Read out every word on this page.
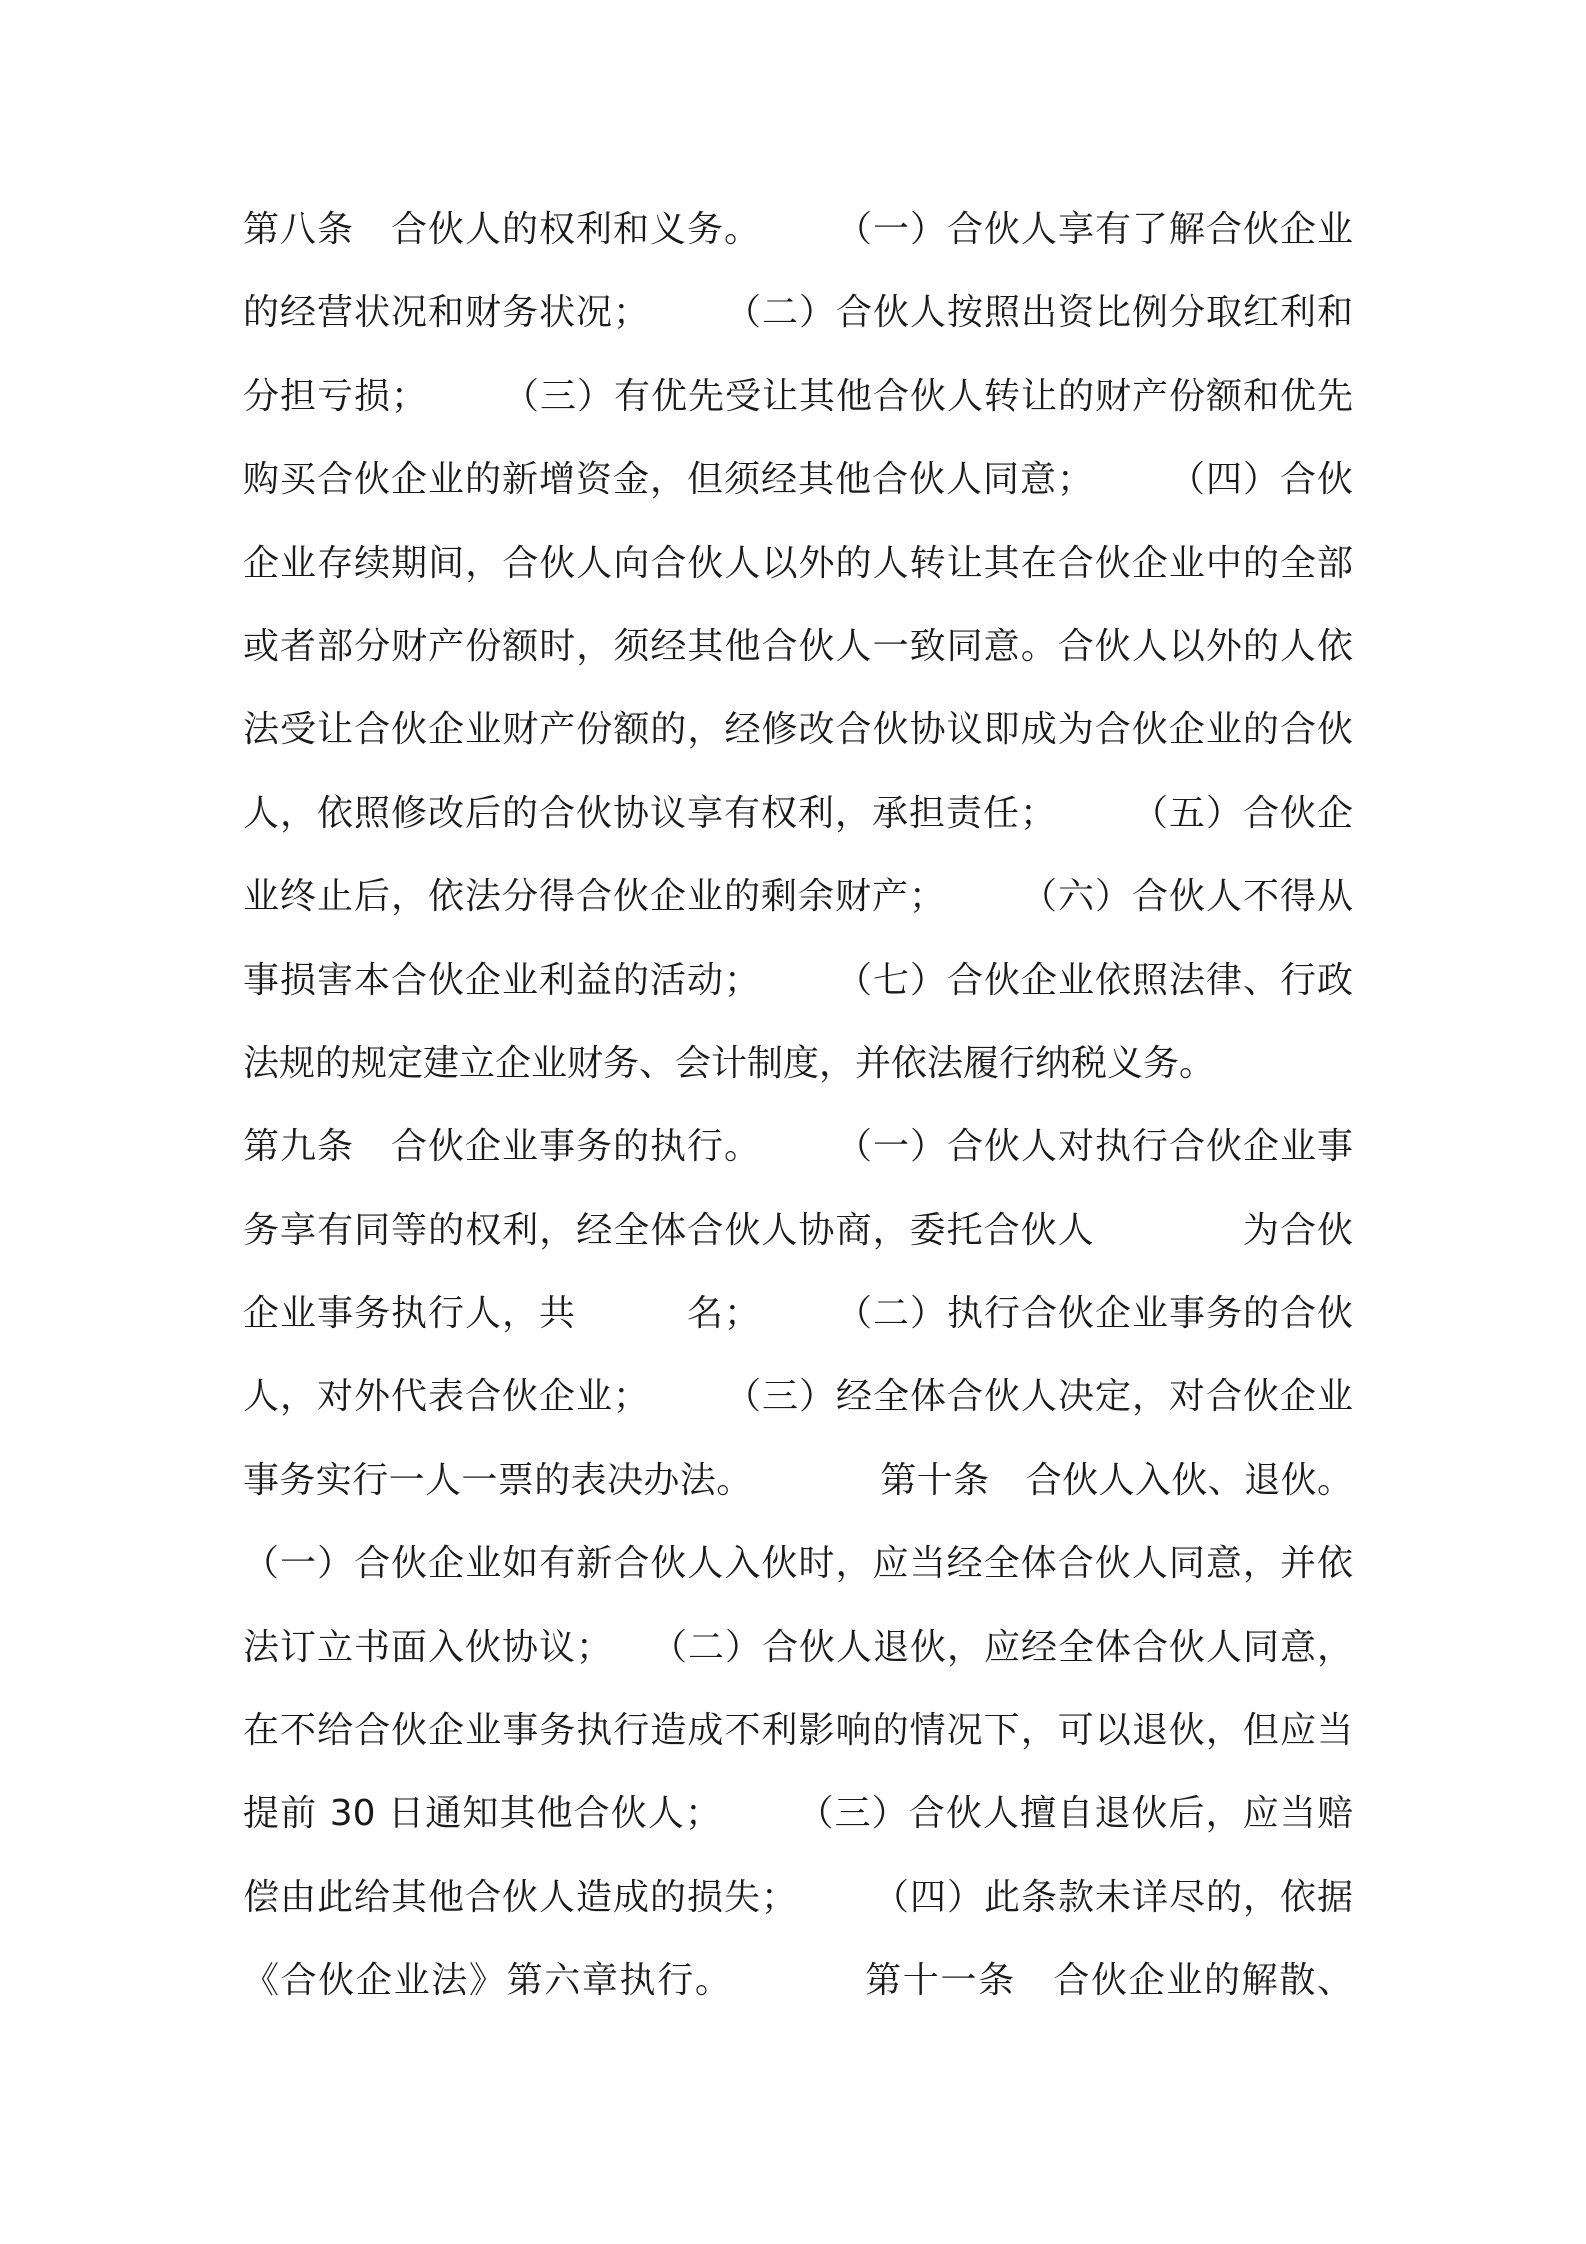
第八条　合伙人的权利和义务。　　　（一）合伙人享有了解合伙企业
的经营状况和财务状况；　　　（二）合伙人按照出资比例分取红利和
分担亏损；　　　（三）有优先受让其他合伙人转让的财产份额和优先
购买合伙企业的新增资金，但须经其他合伙人同意；　　　（四）合伙
企业存续期间，合伙人向合伙人以外的人转让其在合伙企业中的全部
或者部分财产份额时，须经其他合伙人一致同意。合伙人以外的人依
法受让合伙企业财产份额的，经修改合伙协议即成为合伙企业的合伙
人，依照修改后的合伙协议享有权利，承担责任；　　　（五）合伙企
业终止后，依法分得合伙企业的剩余财产；　　　（六）合伙人不得从
事损害本合伙企业利益的活动；　　　（七）合伙企业依照法律、行政
法规的规定建立企业财务、会计制度，并依法履行纳税义务。
第九条　合伙企业事务的执行。　　　（一）合伙人对执行合伙企业事
务享有同等的权利，经全体合伙人协商，委托合伙人　　　　为合伙
企业事务执行人，共　　　名；　　　（二）执行合伙企业事务的合伙
人，对外代表合伙企业；　　　（三）经全体合伙人决定，对合伙企业
事务实行一人一票的表决办法。　　　　第十条　合伙人入伙、退伙。
（一）合伙企业如有新合伙人入伙时，应当经全体合伙人同意，并依
法订立书面入伙协议；　　（二）合伙人退伙，应经全体合伙人同意，
在不给合伙企业事务执行造成不利影响的情况下，可以退伙，但应当
提前 30 日通知其他合伙人；　　　（三）合伙人擅自退伙后，应当赔
偿由此给其他合伙人造成的损失；　　　（四）此条款未详尽的，依据
《合伙企业法》第六章执行。　　　　第十一条　合伙企业的解散、
